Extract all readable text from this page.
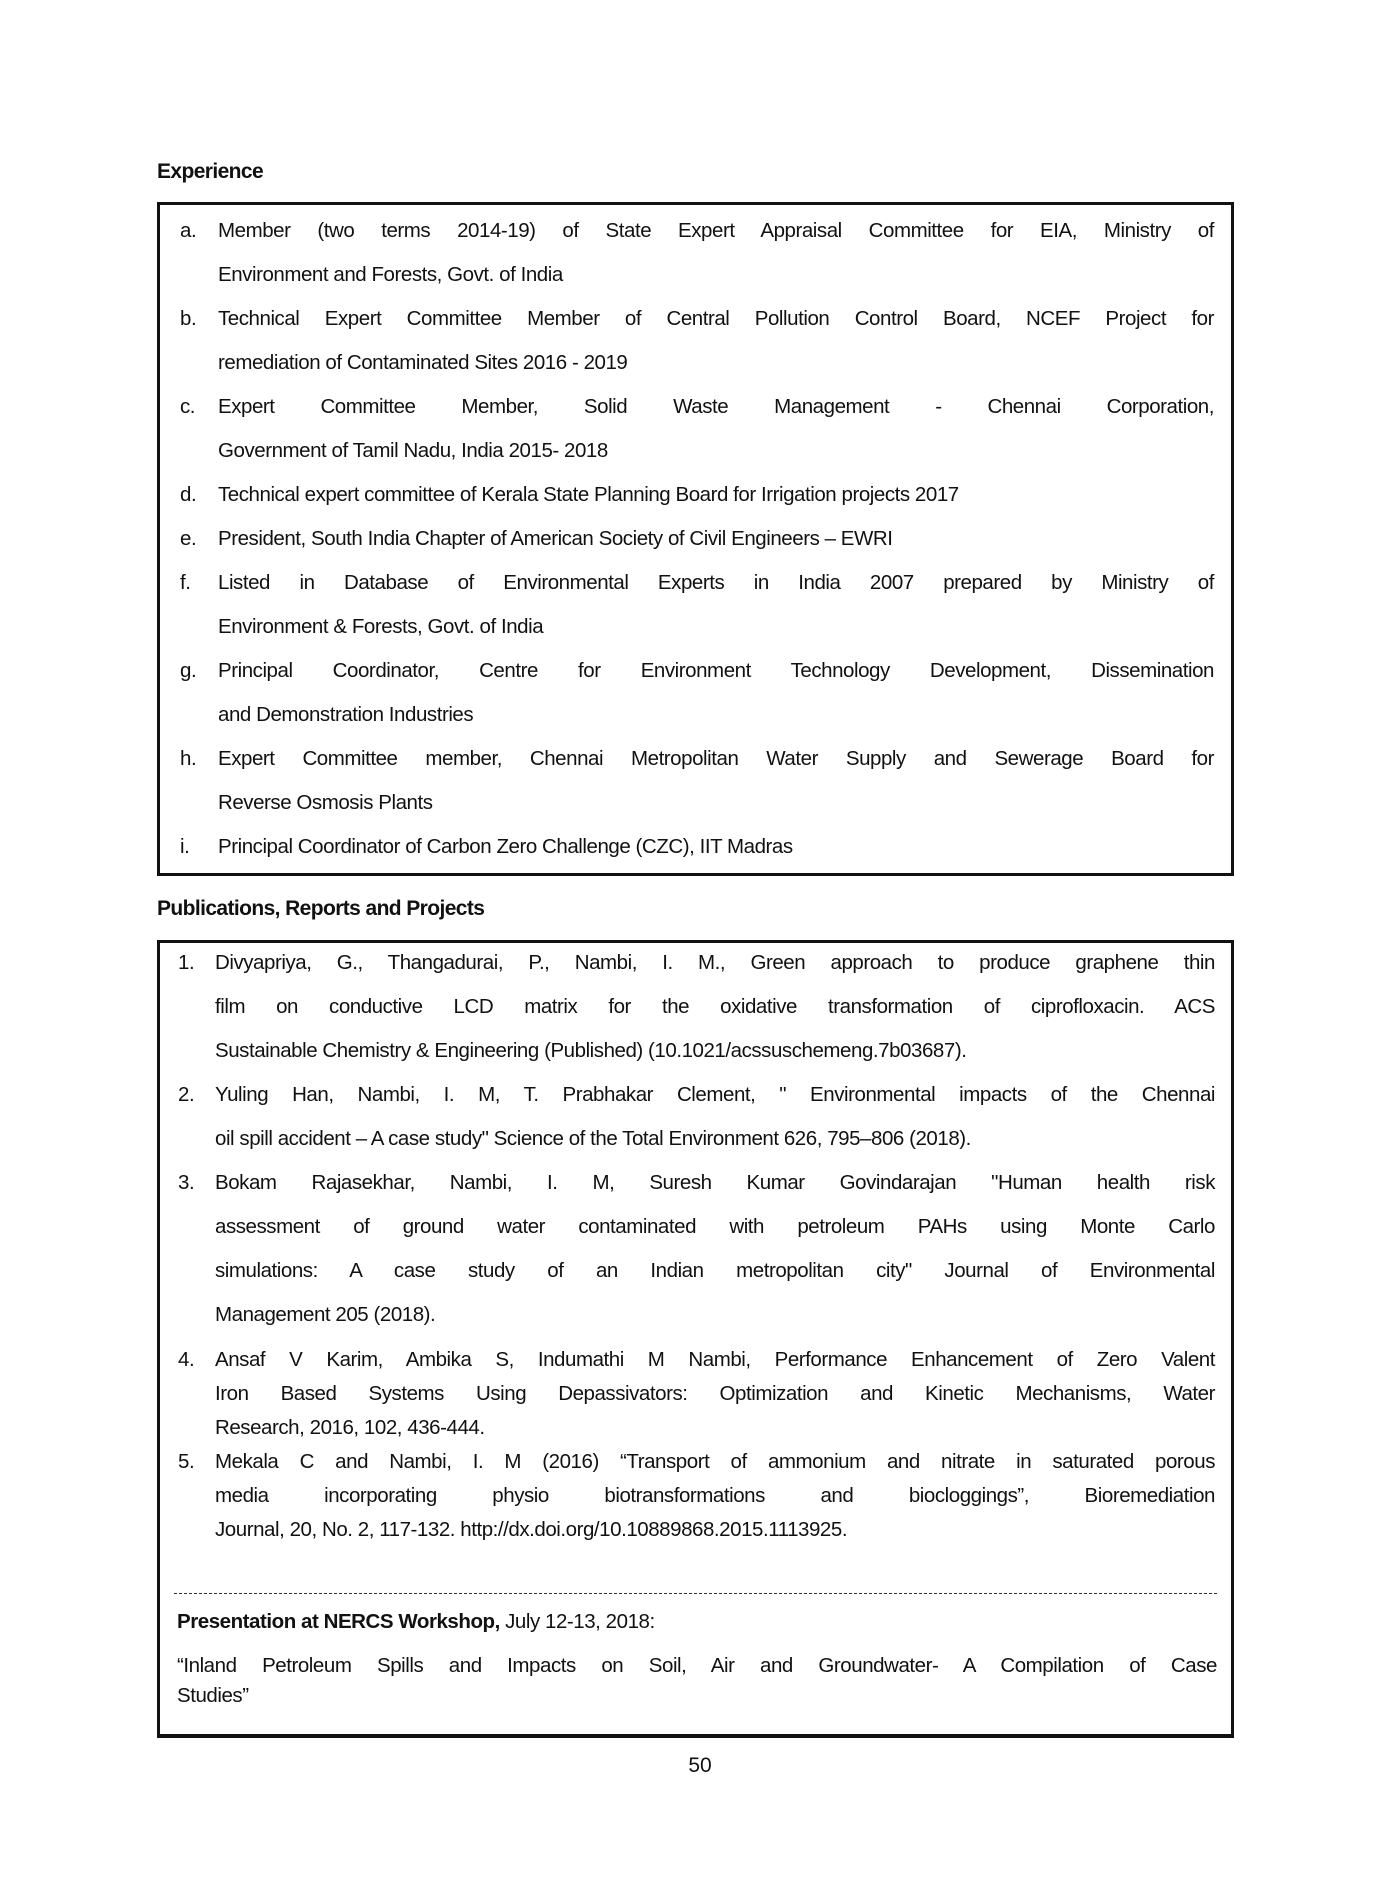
Experience
a. Member (two terms 2014-19) of State Expert Appraisal Committee for EIA, Ministry of
Environment and Forests, Govt. of India
b. Technical Expert Committee Member of Central Pollution Control Board, NCEF Project for
remediation of Contaminated Sites 2016 - 2019
c. Expert Committee Member, Solid Waste Management - Chennai Corporation,
Government of Tamil Nadu, India 2015- 2018
d. Technical expert committee of Kerala State Planning Board for Irrigation projects 2017
e. President, South India Chapter of American Society of Civil Engineers – EWRI
f. Listed in Database of Environmental Experts in India 2007 prepared by Ministry of
Environment & Forests, Govt. of India
g. Principal Coordinator, Centre for Environment Technology Development, Dissemination
and Demonstration Industries
h. Expert Committee member, Chennai Metropolitan Water Supply and Sewerage Board for
Reverse Osmosis Plants
i. Principal Coordinator of Carbon Zero Challenge (CZC), IIT Madras
Publications, Reports and Projects
1. Divyapriya, G., Thangadurai, P., Nambi, I. M., Green approach to produce graphene thin
film on conductive LCD matrix for the oxidative transformation of ciprofloxacin. ACS
Sustainable Chemistry & Engineering (Published) (10.1021/acssuschemeng.7b03687).
2. Yuling Han, Nambi, I. M, T. Prabhakar Clement, " Environmental impacts of the Chennai
oil spill accident – A case study" Science of the Total Environment 626, 795–806 (2018).
3. Bokam Rajasekhar, Nambi, I. M, Suresh Kumar Govindarajan "Human health risk
assessment of ground water contaminated with petroleum PAHs using Monte Carlo
simulations: A case study of an Indian metropolitan city" Journal of Environmental
Management 205 (2018).
4. Ansaf V Karim, Ambika S, Indumathi M Nambi, Performance Enhancement of Zero Valent
Iron Based Systems Using Depassivators: Optimization and Kinetic Mechanisms, Water
Research, 2016, 102, 436-444.
5. Mekala C and Nambi, I. M (2016) “Transport of ammonium and nitrate in saturated porous
media incorporating physio biotransformations and biocloggings”, Bioremediation
Journal, 20, No. 2, 117-132. http://dx.doi.org/10.10889868.2015.1113925.
Presentation at NERCS Workshop, July 12-13, 2018:
“Inland Petroleum Spills and Impacts on Soil, Air and Groundwater- A Compilation of Case
Studies”
50
